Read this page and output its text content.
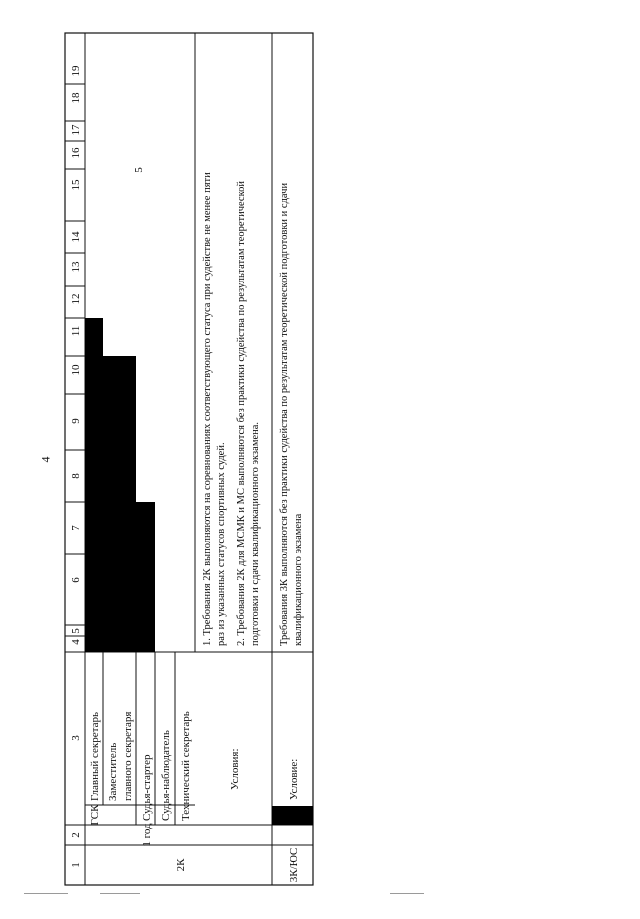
4
1
2
3
4
5
6
7
8
9
10
11
12
13
14
15
16
17
18
19
2К	3К/ЮС
1 год
ГСК
Главный секретарь Заместитель главного секретаря Судья-стартер Судья-наблюдатель Технический секретарь
5
Условия:
1. Требования 2К выполняются на соревнованиях соответствующего статуса при судействе не менее пяти раз из указанных статусов спортивных судей. 2. Требования 2К для МСМК и МС выполняются без практики судейства по результатам теоретической подготовки и сдачи квалификационного экзамена.
Условие:
Требования 3К выполняются без практики судейства по результатам теоретической подготовки и сдачи квалификационного экзамена
